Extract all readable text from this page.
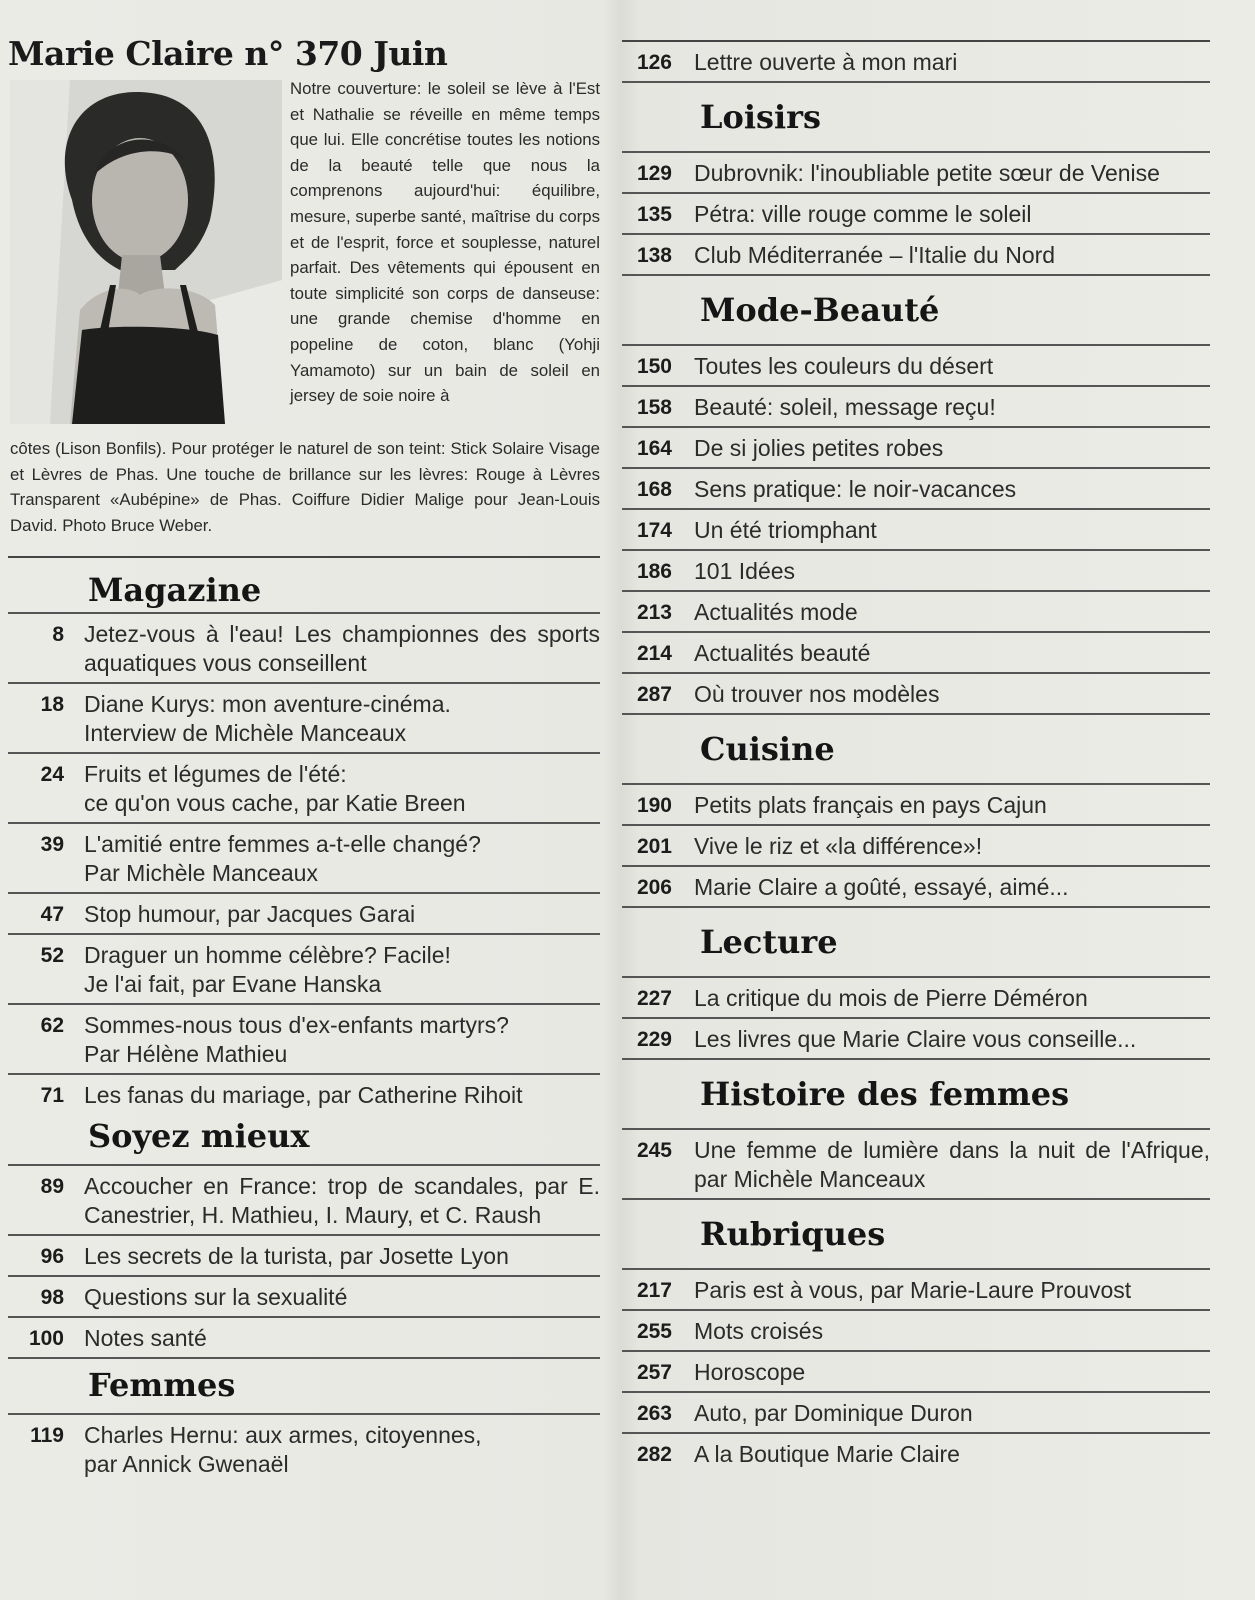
Marie Claire n° 370 Juin

Notre couverture: le soleil se lève à l'Est et Nathalie se réveille en même temps que lui. Elle concrétise toutes les notions de la beauté telle que nous la comprenons aujourd'hui: équilibre, mesure, superbe santé, maîtrise du corps et de l'esprit, force et souplesse, naturel parfait. Des vêtements qui épousent en toute simplicité son corps de danseuse: une grande chemise d'homme en popeline de coton, blanc (Yohji Yamamoto) sur un bain de soleil en jersey de soie noire à

côtes (Lison Bonfils). Pour protéger le naturel de son teint: Stick Solaire Visage et Lèvres de Phas. Une touche de brillance sur les lèvres: Rouge à Lèvres Transparent «Aubépine» de Phas. Coiffure Didier Malige pour Jean-Louis David. Photo Bruce Weber.

Magazine
8 Jetez-vous à l'eau! Les championnes des sports aquatiques vous conseillent
18 Diane Kurys: mon aventure-cinéma.
Interview de Michèle Manceaux
24 Fruits et légumes de l'été:
ce qu'on vous cache, par Katie Breen
39 L'amitié entre femmes a-t-elle changé?
Par Michèle Manceaux
47 Stop humour, par Jacques Garai
52 Draguer un homme célèbre? Facile!
Je l'ai fait, par Evane Hanska
62 Sommes-nous tous d'ex-enfants martyrs?
Par Hélène Mathieu
71 Les fanas du mariage, par Catherine Rihoit
Soyez mieux
89 Accoucher en France: trop de scandales, par E. Canestrier, H. Mathieu, I. Maury, et C. Raush
96 Les secrets de la turista, par Josette Lyon
98 Questions sur la sexualité
100 Notes santé
Femmes
119 Charles Hernu: aux armes, citoyennes,
par Annick Gwenaël
126 Lettre ouverte à mon mari
Loisirs
129 Dubrovnik: l'inoubliable petite sœur de Venise
135 Pétra: ville rouge comme le soleil
138 Club Méditerranée – l'Italie du Nord
Mode-Beauté
150 Toutes les couleurs du désert
158 Beauté: soleil, message reçu!
164 De si jolies petites robes
168 Sens pratique: le noir-vacances
174 Un été triomphant
186 101 Idées
213 Actualités mode
214 Actualités beauté
287 Où trouver nos modèles
Cuisine
190 Petits plats français en pays Cajun
201 Vive le riz et «la différence»!
206 Marie Claire a goûté, essayé, aimé...
Lecture
227 La critique du mois de Pierre Déméron
229 Les livres que Marie Claire vous conseille...
Histoire des femmes
245 Une femme de lumière dans la nuit de l'Afrique, par Michèle Manceaux
Rubriques
217 Paris est à vous, par Marie-Laure Prouvost
255 Mots croisés
257 Horoscope
263 Auto, par Dominique Duron
282 A la Boutique Marie Claire
